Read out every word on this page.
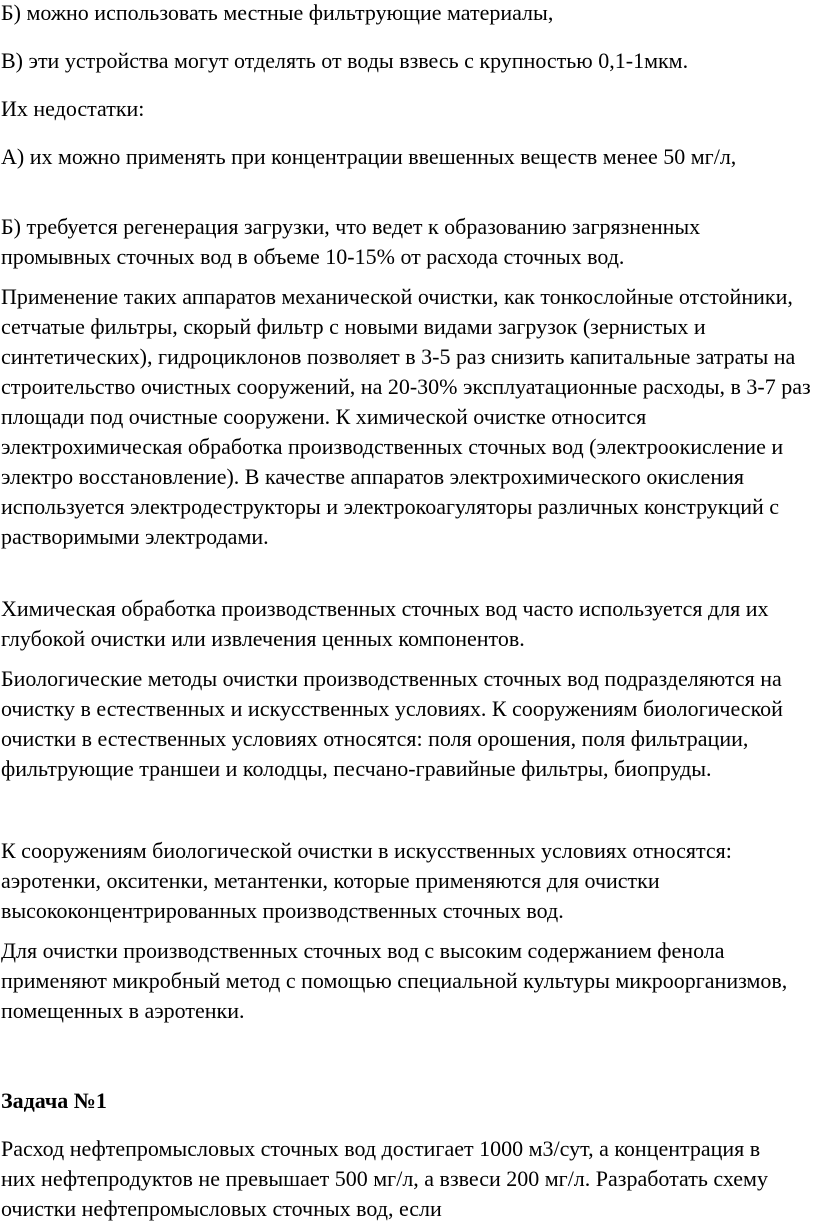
Б) можно использовать местные фильтрующие материалы,

В) эти устройства могут отделять от воды взвесь с крупностью 0,1-1мкм.

Их недостатки:

А) их можно применять при концентрации ввешенных веществ менее 50 мг/л,

Б) требуется регенерация загрузки, что ведет к образованию загрязненных промывных сточных вод в объеме 10-15% от расхода сточных вод.

Применение таких аппаратов механической очистки, как тонкослойные отстойники, сетчатые фильтры, скорый фильтр с новыми видами загрузок (зернистых и синтетических), гидроциклонов позволяет в 3-5 раз снизить капитальные затраты на строительство очистных сооружений, на 20-30% эксплуатационные расходы, в 3-7 раз площади под очистные сооружени. К химической очистке относится электрохимическая обработка производственных сточных вод (электроокисление и электро восстановление). В качестве аппаратов электрохимического окисления используется электродеструкторы и электрокоагуляторы различных конструкций с растворимыми электродами.

Химическая обработка производственных сточных вод часто используется для их глубокой очистки или извлечения ценных компонентов.

Биологические методы очистки производственных сточных вод подразделяются на очистку в естественных и искусственных условиях. К сооружениям биологической очистки в естественных условиях относятся: поля орошения, поля фильтрации, фильтрующие траншеи и колодцы, песчано-гравийные фильтры, биопруды.

К сооружениям биологической очистки в искусственных условиях относятся: аэротенки, окситенки, метантенки, которые применяются для очистки высококонцентрированных производственных сточных вод.

Для очистки производственных сточных вод с высоким содержанием фенола применяют микробный метод с помощью специальной культуры микроорганизмов, помещенных в аэротенки.

Задача №1

Расход нефтепромысловых сточных вод достигает 1000 м3/сут, а концентрация в них нефтепродуктов не превышает 500 мг/л, а взвеси 200 мг/л. Разработать схему очистки нефтепромысловых сточных вод, если
